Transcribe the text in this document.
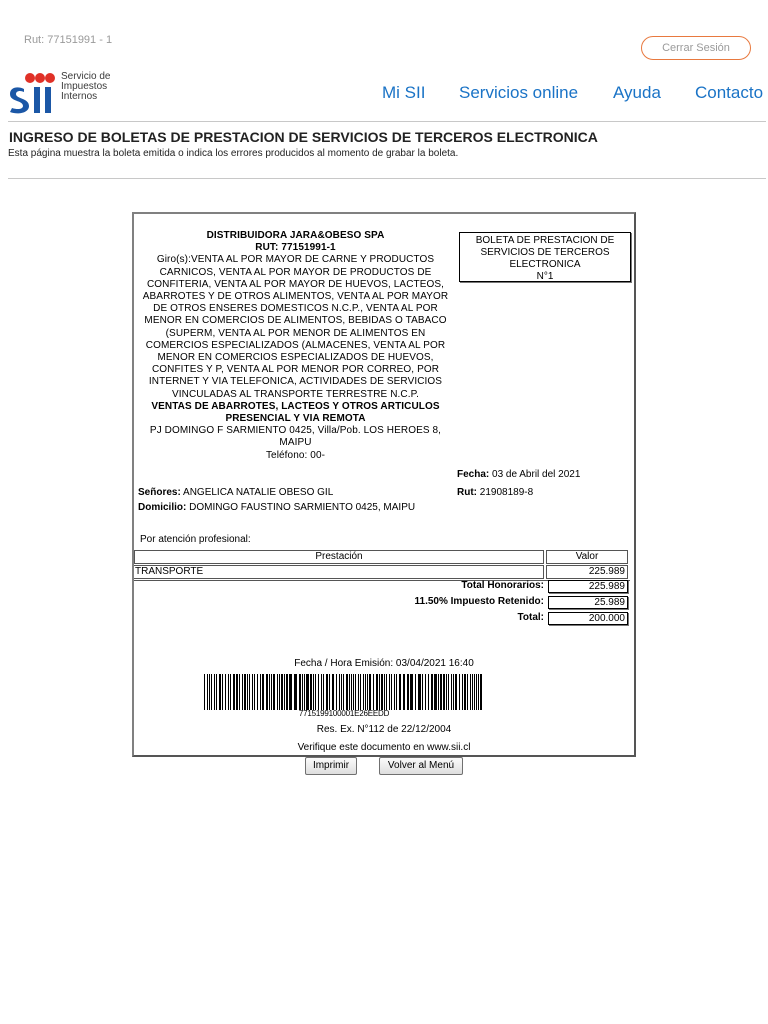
Rut: 77151991 - 1
Cerrar Sesión
Servicio de
Impuestos
Internos	Mi SII Servicios online Ayuda Contacto
INGRESO DE BOLETAS DE PRESTACION DE SERVICIOS DE TERCEROS ELECTRONICA
Esta página muestra la boleta emitida o indica los errores producidos al momento de grabar la boleta.
DISTRIBUIDORA JARA&OBESO SPA
RUT: 77151991-1
Giro(s):VENTA AL POR MAYOR DE CARNE Y PRODUCTOS CARNICOS, VENTA AL POR MAYOR DE PRODUCTOS DE CONFITERIA, VENTA AL POR MAYOR DE HUEVOS, LACTEOS, ABARROTES Y DE OTROS ALIMENTOS, VENTA AL POR MAYOR DE OTROS ENSERES DOMESTICOS N.C.P., VENTA AL POR MENOR EN COMERCIOS DE ALIMENTOS, BEBIDAS O TABACO (SUPERM, VENTA AL POR MENOR DE ALIMENTOS EN COMERCIOS ESPECIALIZADOS (ALMACENES, VENTA AL POR MENOR EN COMERCIOS ESPECIALIZADOS DE HUEVOS, CONFITES Y P, VENTA AL POR MENOR POR CORREO, POR INTERNET Y VIA TELEFONICA, ACTIVIDADES DE SERVICIOS VINCULADAS AL TRANSPORTE TERRESTRE N.C.P.
VENTAS DE ABARROTES, LACTEOS Y OTROS ARTICULOS PRESENCIAL Y VIA REMOTA
PJ DOMINGO F SARMIENTO 0425, Villa/Pob. LOS HEROES 8, MAIPU
Teléfono: 00-
BOLETA DE PRESTACION DE SERVICIOS DE TERCEROS ELECTRONICA
N°1
Fecha: 03 de Abril del 2021
Señores: ANGELICA NATALIE OBESO GIL	Rut: 21908189-8
Domicilio: DOMINGO FAUSTINO SARMIENTO 0425, MAIPU
Por atención profesional:
Prestación	Valor
TRANSPORTE	225.989
Total Honorarios:	225.989
11.50% Impuesto Retenido:	25.989
Total:	200.000
Fecha / Hora Emisión: 03/04/2021 16:40
7715199100001E26EEDD
Res. Ex. N°112 de 22/12/2004
Verifique este documento en www.sii.cl
Imprimir	Volver al Menú
